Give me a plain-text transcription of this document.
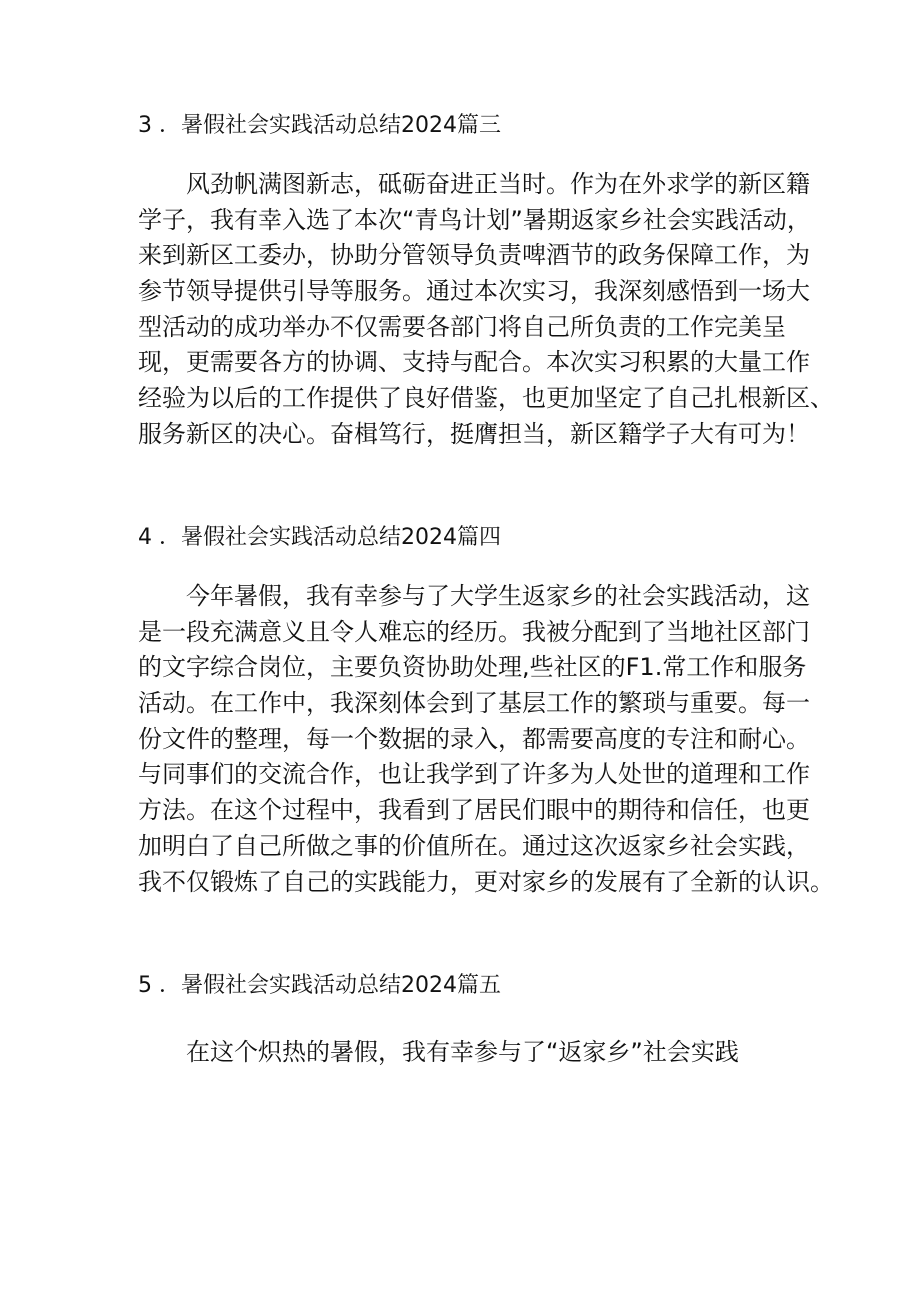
3 ．暑假社会实践活动总结2024篇三
风劲帆满图新志，砥砺奋进正当时。作为在外求学的新区籍
学子，我有幸入选了本次“青鸟计划”暑期返家乡社会实践活动，
来到新区工委办，协助分管领导负责啤酒节的政务保障工作，为
参节领导提供引导等服务。通过本次实习，我深刻感悟到一场大
型活动的成功举办不仅需要各部门将自己所负责的工作完美呈
现，更需要各方的协调、支持与配合。本次实习积累的大量工作
经验为以后的工作提供了良好借鉴，也更加坚定了自己扎根新区、
服务新区的决心。奋楫笃行，挺膺担当，新区籍学子大有可为！
4 ．暑假社会实践活动总结2024篇四
今年暑假，我有幸参与了大学生返家乡的社会实践活动，这
是一段充满意义且令人难忘的经历。我被分配到了当地社区部门
的文字综合岗位，主要负资协助处理,些社区的F1.常工作和服务
活动。在工作中，我深刻体会到了基层工作的繁琐与重要。每一
份文件的整理，每一个数据的录入，都需要高度的专注和耐心。
与同事们的交流合作，也让我学到了许多为人处世的道理和工作
方法。在这个过程中，我看到了居民们眼中的期待和信任，也更
加明白了自己所做之事的价值所在。通过这次返家乡社会实践，
我不仅锻炼了自己的实践能力，更对家乡的发展有了全新的认识。
5 ．暑假社会实践活动总结2024篇五
在这个炽热的暑假，我有幸参与了“返家乡”社会实践
